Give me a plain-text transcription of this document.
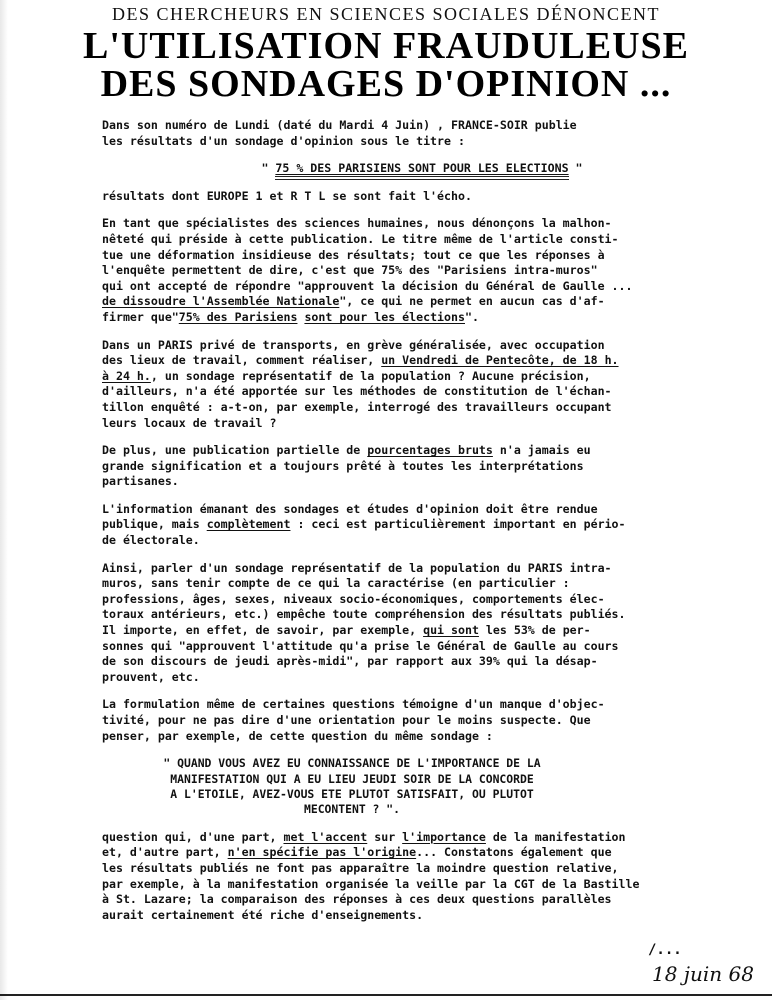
DES CHERCHEURS EN SCIENCES SOCIALES DÉNONCENT
L'UTILISATION FRAUDULEUSE
DES SONDAGES D'OPINION ...

Dans son numéro de Lundi (daté du Mardi 4 Juin) , FRANCE-SOIR publie
les résultats d'un sondage d'opinion sous le titre :

" 75 % DES PARISIENS SONT POUR LES ELECTIONS "

résultats dont EUROPE 1 et R T L se sont fait l'écho.

En tant que spécialistes des sciences humaines, nous dénonçons la malhon-
nêteté qui préside à cette publication. Le titre même de l'article consti-
tue une déformation insidieuse des résultats; tout ce que les réponses à
l'enquête permettent de dire, c'est que 75% des "Parisiens intra-muros"
qui ont accepté de répondre "approuvent la décision du Général de Gaulle ...
de dissoudre l'Assemblée Nationale", ce qui ne permet en aucun cas d'af-
firmer que"75% des Parisiens sont pour les élections".

Dans un PARIS privé de transports, en grève généralisée, avec occupation
des lieux de travail, comment réaliser, un Vendredi de Pentecôte, de 18 h.
à 24 h., un sondage représentatif de la population ? Aucune précision,
d'ailleurs, n'a été apportée sur les méthodes de constitution de l'échan-
tillon enquêté : a-t-on, par exemple, interrogé des travailleurs occupant
leurs locaux de travail ?

De plus, une publication partielle de pourcentages bruts n'a jamais eu
grande signification et a toujours prêté à toutes les interprétations
partisanes.

L'information émanant des sondages et études d'opinion doit être rendue
publique, mais complètement : ceci est particulièrement important en pério-
de électorale.

Ainsi, parler d'un sondage représentatif de la population du PARIS intra-
muros, sans tenir compte de ce qui la caractérise (en particulier :
professions, âges, sexes, niveaux socio-économiques, comportements élec-
toraux antérieurs, etc.) empêche toute compréhension des résultats publiés.
Il importe, en effet, de savoir, par exemple, qui sont les 53% de per-
sonnes qui "approuvent l'attitude qu'a prise le Général de Gaulle au cours
de son discours de jeudi après-midi", par rapport aux 39% qui la désap-
prouvent, etc.

La formulation même de certaines questions témoigne d'un manque d'objec-
tivité, pour ne pas dire d'une orientation pour le moins suspecte. Que
penser, par exemple, de cette question du même sondage :

" QUAND VOUS AVEZ EU CONNAISSANCE DE L'IMPORTANCE DE LA
MANIFESTATION QUI A EU LIEU JEUDI SOIR DE LA CONCORDE
A L'ETOILE, AVEZ-VOUS ETE PLUTOT SATISFAIT, OU PLUTOT
MECONTENT ? ".

question qui, d'une part, met l'accent sur l'importance de la manifestation
et, d'autre part, n'en spécifie pas l'origine... Constatons également que
les résultats publiés ne font pas apparaître la moindre question relative,
par exemple, à la manifestation organisée la veille par la CGT de la Bastille
à St. Lazare; la comparaison des réponses à ces deux questions parallèles
aurait certainement été riche d'enseignements.

/...
18 juin 68
